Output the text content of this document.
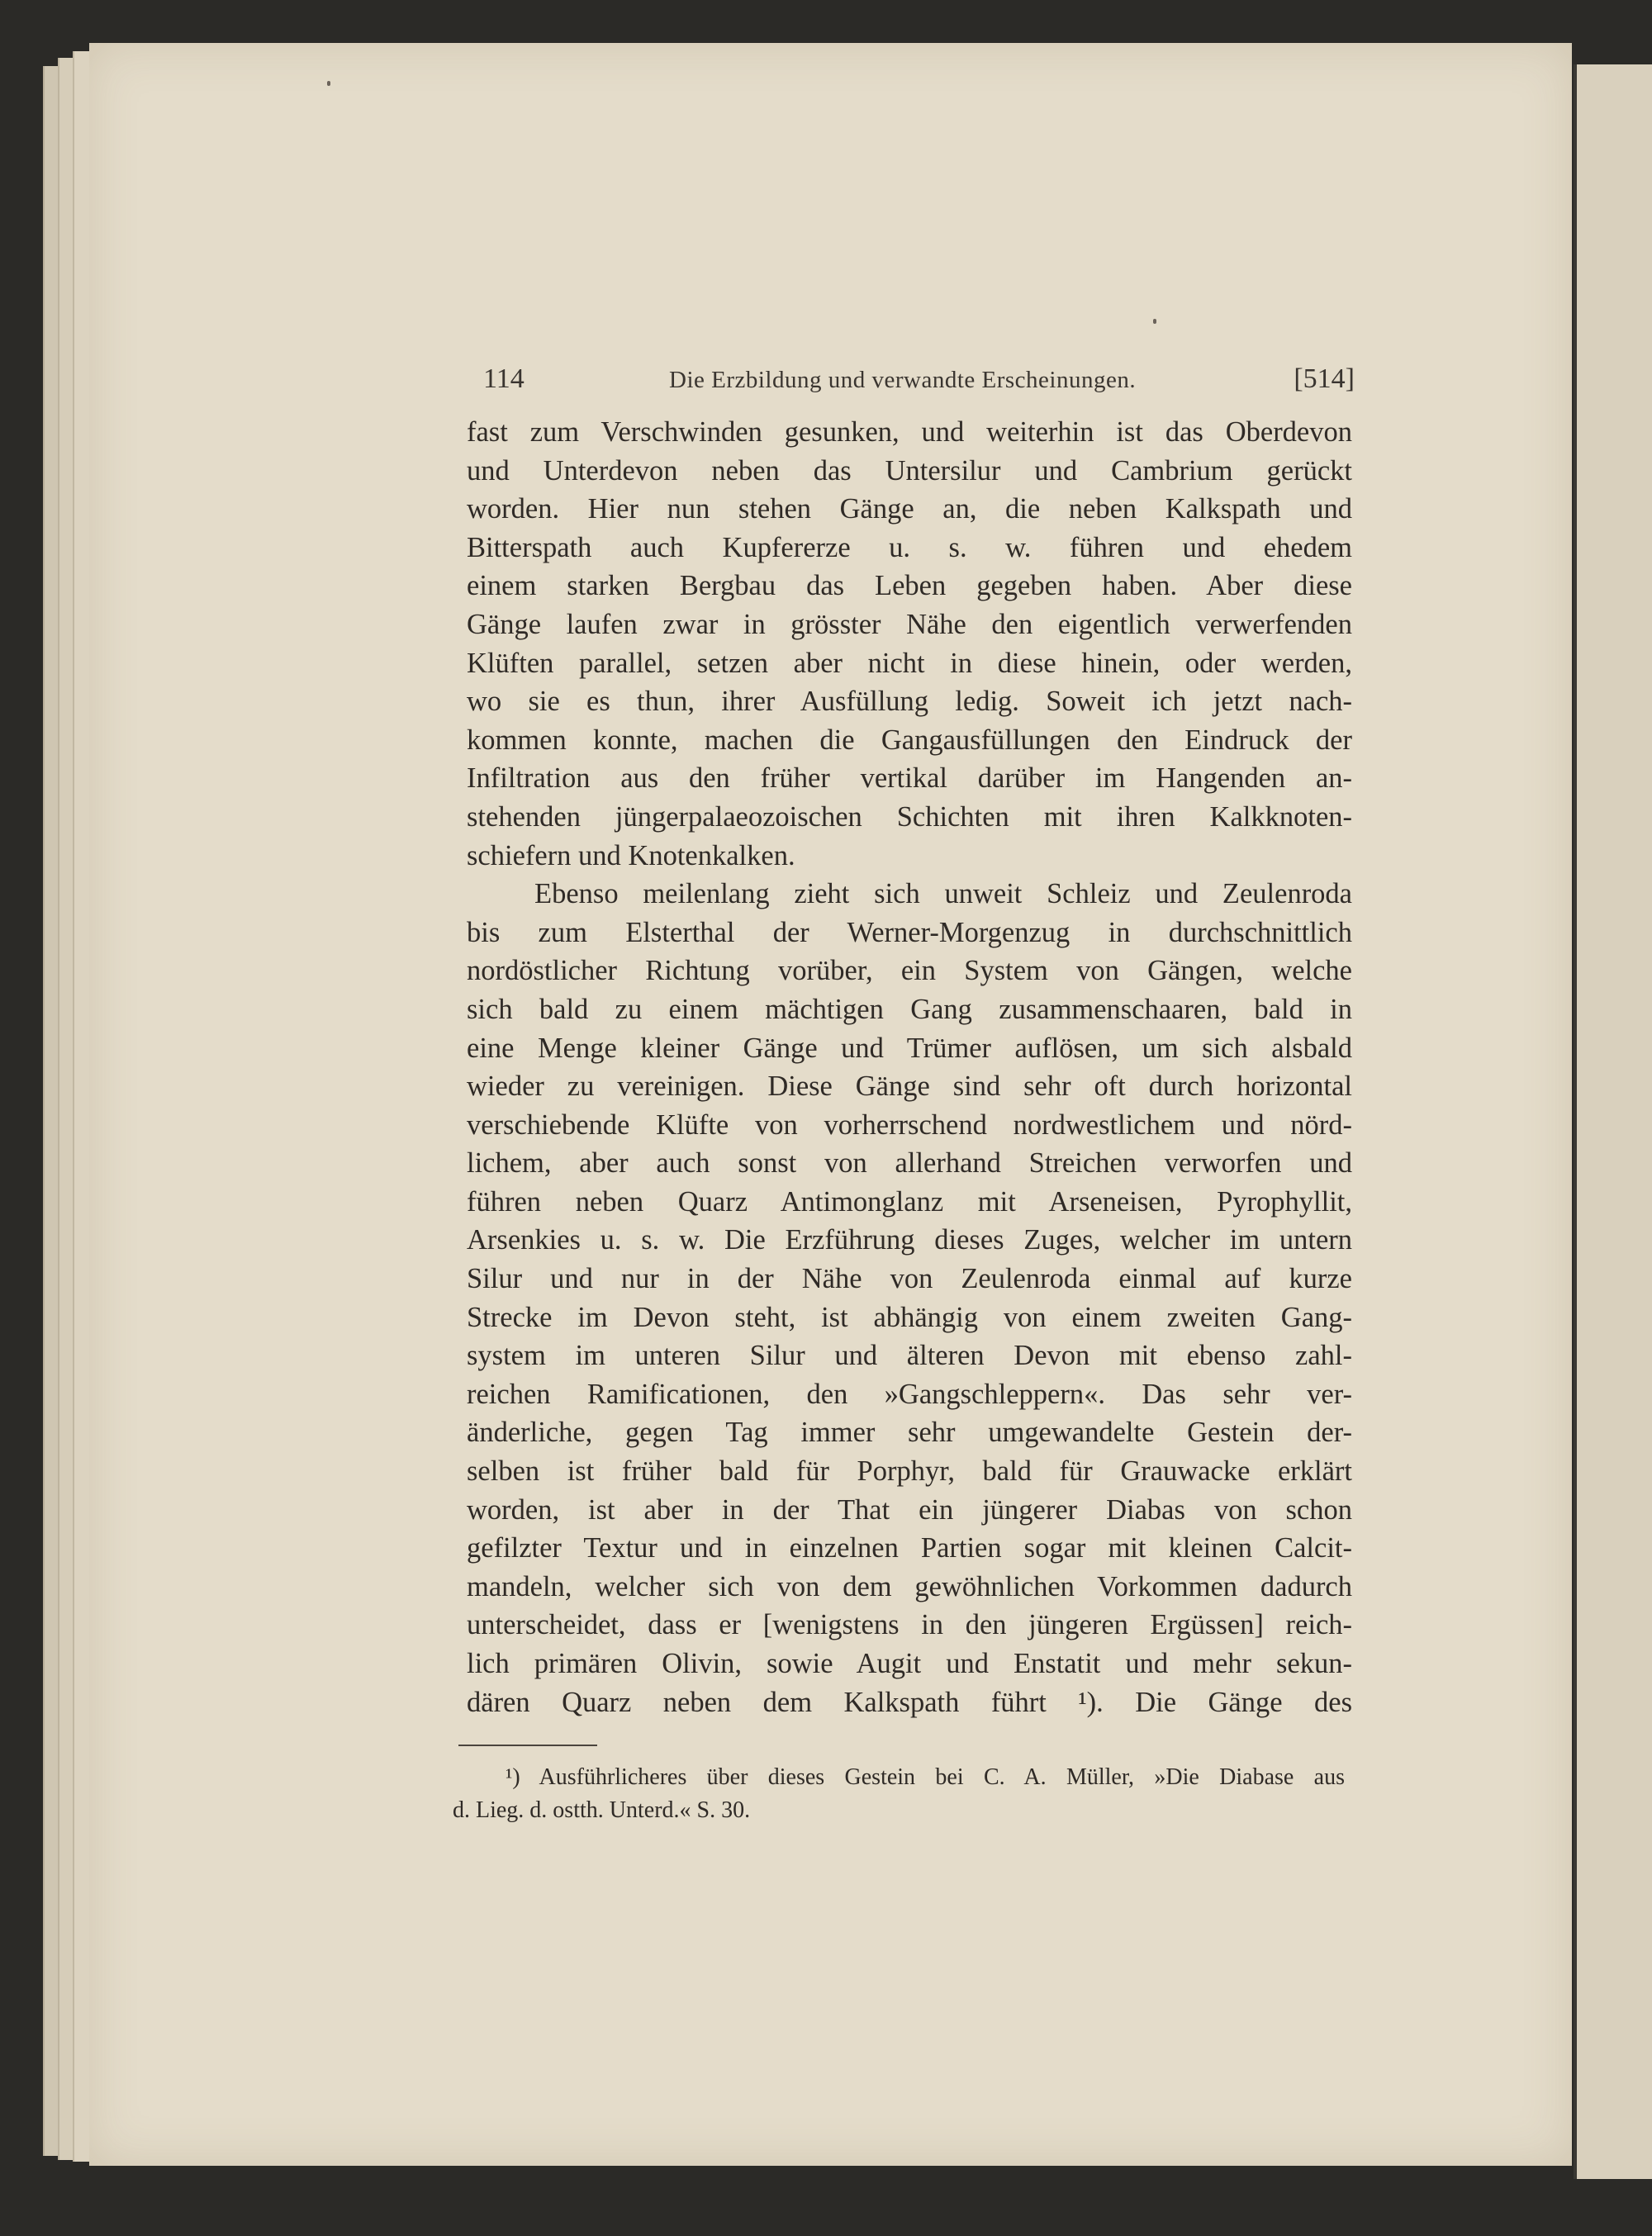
114	Die Erzbildung und verwandte Erscheinungen.	[514]
fast zum Verschwinden gesunken, und weiterhin ist das Oberdevon
und Unterdevon neben das Untersilur und Cambrium gerückt
worden. Hier nun stehen Gänge an, die neben Kalkspath und
Bitterspath auch Kupfererze u. s. w. führen und ehedem
einem starken Bergbau das Leben gegeben haben. Aber diese
Gänge laufen zwar in grösster Nähe den eigentlich verwerfenden
Klüften parallel, setzen aber nicht in diese hinein, oder werden,
wo sie es thun, ihrer Ausfüllung ledig. Soweit ich jetzt nach-
kommen konnte, machen die Gangausfüllungen den Eindruck der
Infiltration aus den früher vertikal darüber im Hangenden an-
stehenden jüngerpalaeozoischen Schichten mit ihren Kalkknoten-
schiefern und Knotenkalken.
Ebenso meilenlang zieht sich unweit Schleiz und Zeulenroda
bis zum Elsterthal der Werner-Morgenzug in durchschnittlich
nordöstlicher Richtung vorüber, ein System von Gängen, welche
sich bald zu einem mächtigen Gang zusammenschaaren, bald in
eine Menge kleiner Gänge und Trümer auflösen, um sich alsbald
wieder zu vereinigen. Diese Gänge sind sehr oft durch horizontal
verschiebende Klüfte von vorherrschend nordwestlichem und nörd-
lichem, aber auch sonst von allerhand Streichen verworfen und
führen neben Quarz Antimonglanz mit Arseneisen, Pyrophyllit,
Arsenkies u. s. w. Die Erzführung dieses Zuges, welcher im untern
Silur und nur in der Nähe von Zeulenroda einmal auf kurze
Strecke im Devon steht, ist abhängig von einem zweiten Gang-
system im unteren Silur und älteren Devon mit ebenso zahl-
reichen Ramificationen, den »Gangschleppern«. Das sehr ver-
änderliche, gegen Tag immer sehr umgewandelte Gestein der-
selben ist früher bald für Porphyr, bald für Grauwacke erklärt
worden, ist aber in der That ein jüngerer Diabas von schon
gefilzter Textur und in einzelnen Partien sogar mit kleinen Calcit-
mandeln, welcher sich von dem gewöhnlichen Vorkommen dadurch
unterscheidet, dass er [wenigstens in den jüngeren Ergüssen] reich-
lich primären Olivin, sowie Augit und Enstatit und mehr sekun-
dären Quarz neben dem Kalkspath führt ¹). Die Gänge des
¹) Ausführlicheres über dieses Gestein bei C. A. Müller, »Die Diabase aus
d. Lieg. d. ostth. Unterd.« S. 30.
